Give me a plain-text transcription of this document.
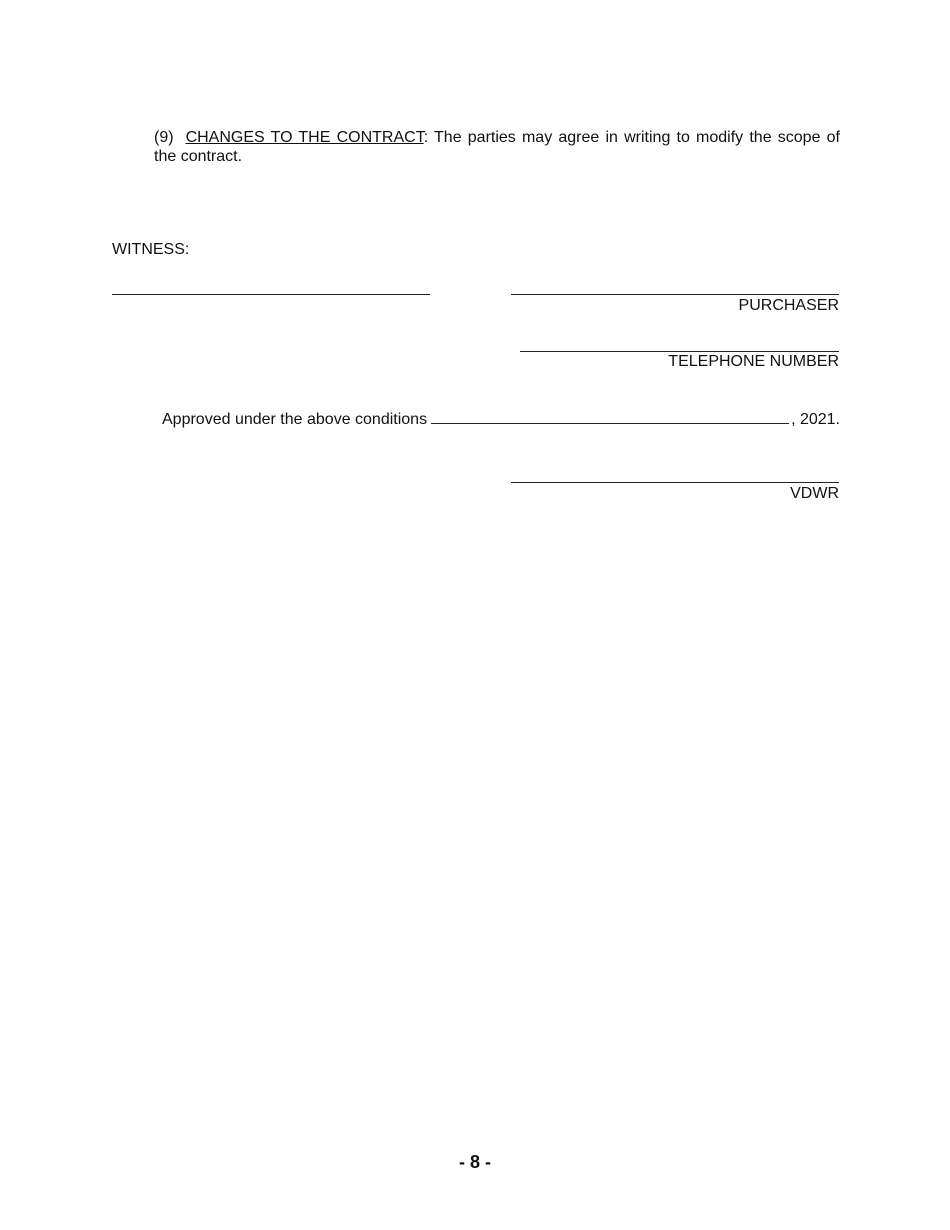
(9) CHANGES TO THE CONTRACT: The parties may agree in writing to modify the scope of the contract.
WITNESS:
PURCHASER
TELEPHONE NUMBER
Approved under the above conditions	, 2021.
VDWR
- 8 -
